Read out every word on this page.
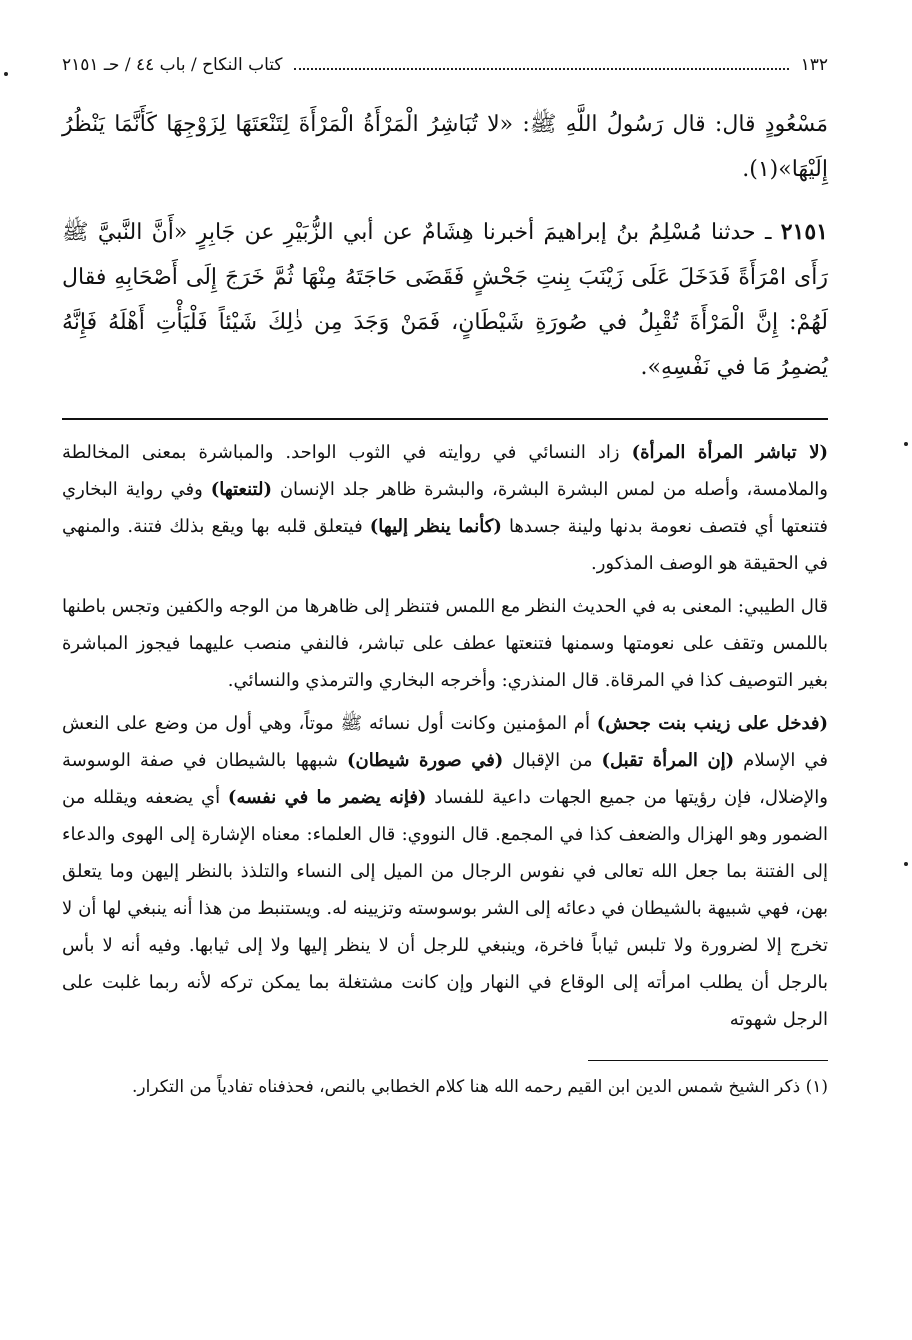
١٣٢
كتاب النكاح / باب ٤٤ / حـ ٢١٥١

مَسْعُودٍ قال: قال رَسُولُ اللَّهِ ﷺ: «لا تُبَاشِرُ الْمَرْأَةُ الْمَرْأَةَ لِتَنْعَتَهَا لِزَوْجِهَا كَأَنَّمَا يَنْظُرُ إِلَيْهَا»(١).

٢١٥١ ـ حدثنا مُسْلِمُ بنُ إبراهيمَ أخبرنا هِشَامٌ عن أبي الزُّبَيْرِ عن جَابِرٍ «أَنَّ النَّبيَّ ﷺ رَأَى امْرَأَةً فَدَخَلَ عَلَى زَيْنَبَ بِنتِ جَحْشٍ فَقَضَى حَاجَتَهُ مِنْهَا ثُمَّ خَرَجَ إِلَى أَصْحَابِهِ فقال لَهُمْ: إِنَّ الْمَرْأَةَ تُقْبِلُ في صُورَةِ شَيْطَانٍ، فَمَنْ وَجَدَ مِن ذٰلِكَ شَيْئاً فَلْيَأْتِ أَهْلَهُ فَإِنَّهُ يُضمِرُ مَا في نَفْسِهِ».

(لا تباشر المرأة المرأة) زاد النسائي في روايته في الثوب الواحد. والمباشرة بمعنى المخالطة والملامسة، وأصله من لمس البشرة البشرة، والبشرة ظاهر جلد الإنسان (لتنعتها) وفي رواية البخاري فتنعتها أي فتصف نعومة بدنها ولينة جسدها (كأنما ينظر إليها) فيتعلق قلبه بها ويقع بذلك فتنة. والمنهي في الحقيقة هو الوصف المذكور.

قال الطيبي: المعنى به في الحديث النظر مع اللمس فتنظر إلى ظاهرها من الوجه والكفين وتجس باطنها باللمس وتقف على نعومتها وسمنها فتنعتها عطف على تباشر، فالنفي منصب عليهما فيجوز المباشرة بغير التوصيف كذا في المرقاة. قال المنذري: وأخرجه البخاري والترمذي والنسائي.

(فدخل على زينب بنت جحش) أم المؤمنين وكانت أول نسائه ﷺ موتاً، وهي أول من وضع على النعش في الإسلام (إن المرأة تقبل) من الإقبال (في صورة شيطان) شبهها بالشيطان في صفة الوسوسة والإضلال، فإن رؤيتها من جميع الجهات داعية للفساد (فإنه يضمر ما في نفسه) أي يضعفه ويقلله من الضمور وهو الهزال والضعف كذا في المجمع. قال النووي: قال العلماء: معناه الإشارة إلى الهوى والدعاء إلى الفتنة بما جعل الله تعالى في نفوس الرجال من الميل إلى النساء والتلذذ بالنظر إليهن وما يتعلق بهن، فهي شبيهة بالشيطان في دعائه إلى الشر بوسوسته وتزيينه له. ويستنبط من هذا أنه ينبغي لها أن لا تخرج إلا لضرورة ولا تلبس ثياباً فاخرة، وينبغي للرجل أن لا ينظر إليها ولا إلى ثيابها. وفيه أنه لا بأس بالرجل أن يطلب امرأته إلى الوقاع في النهار وإن كانت مشتغلة بما يمكن تركه لأنه ربما غلبت على الرجل شهوته

(١) ذكر الشيخ شمس الدين ابن القيم رحمه الله هنا كلام الخطابي بالنص، فحذفناه تفادياً من التكرار.
